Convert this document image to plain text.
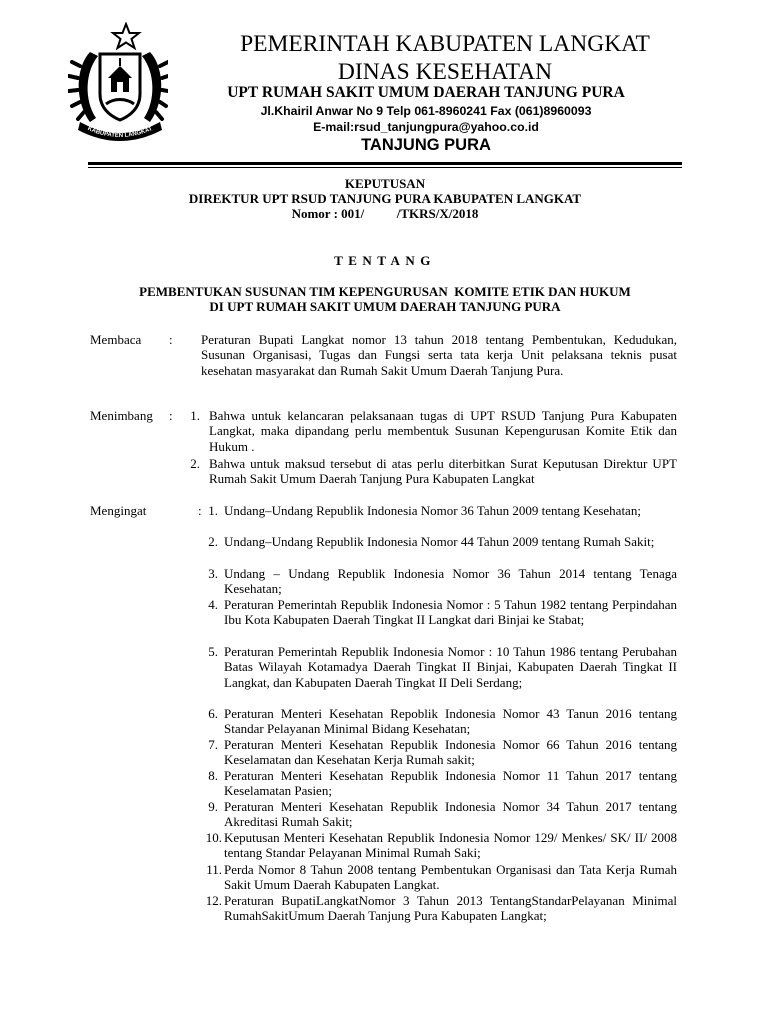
KABUPATEN LANGKAT
PEMERINTAH KABUPATEN LANGKAT
DINAS KESEHATAN
UPT RUMAH SAKIT UMUM DAERAH TANJUNG PURA
Jl.Khairil Anwar No 9 Telp 061-8960241 Fax (061)8960093
E-mail:rsud_tanjungpura@yahoo.co.id
TANJUNG PURA
KEPUTUSAN
DIREKTUR UPT RSUD TANJUNG PURA KABUPATEN LANGKAT
Nomor : 001/          /TKRS/X/2018
TENTANG
PEMBENTUKAN SUSUNAN TIM KEPENGURUSAN  KOMITE ETIK DAN HUKUM
DI UPT RUMAH SAKIT UMUM DAERAH TANJUNG PURA
Membaca : Peraturan Bupati Langkat nomor 13 tahun 2018 tentang Pembentukan, Kedudukan, Susunan Organisasi, Tugas dan Fungsi serta tata kerja Unit pelaksana teknis pusat kesehatan masyarakat dan Rumah Sakit Umum Daerah Tanjung Pura.
Menimbang :	1. Bahwa untuk kelancaran pelaksanaan tugas di UPT RSUD Tanjung Pura Kabupaten Langkat, maka dipandang perlu membentuk Susunan Kepengurusan Komite Etik dan Hukum .
2. Bahwa untuk maksud tersebut di atas perlu diterbitkan Surat Keputusan Direktur UPT Rumah Sakit Umum Daerah Tanjung Pura Kabupaten Langkat
Mengingat	: 1. Undang–Undang Republik Indonesia Nomor 36 Tahun 2009 tentang Kesehatan;
2. Undang–Undang Republik Indonesia Nomor 44 Tahun 2009 tentang Rumah Sakit;
3. Undang – Undang Republik Indonesia Nomor 36 Tahun 2014 tentang Tenaga Kesehatan;
4. Peraturan Pemerintah Republik Indonesia Nomor : 5 Tahun 1982 tentang Perpindahan Ibu Kota Kabupaten Daerah Tingkat II Langkat dari Binjai ke Stabat;
5. Peraturan Pemerintah Republik Indonesia Nomor : 10 Tahun 1986 tentang Perubahan Batas Wilayah Kotamadya Daerah Tingkat II Binjai, Kabupaten Daerah Tingkat II Langkat, dan Kabupaten Daerah Tingkat II Deli Serdang;
6. Peraturan Menteri Kesehatan Repoblik Indonesia Nomor 43 Tanun 2016 tentang Standar Pelayanan Minimal Bidang Kesehatan;
7. Peraturan Menteri Kesehatan Republik Indonesia Nomor 66 Tahun 2016 tentang Keselamatan dan Kesehatan Kerja Rumah sakit;
8. Peraturan Menteri Kesehatan Republik Indonesia Nomor 11 Tahun 2017 tentang Keselamatan Pasien;
9. Peraturan Menteri Kesehatan Republik Indonesia Nomor 34 Tahun 2017 tentang Akreditasi Rumah Sakit;
10. Keputusan Menteri Kesehatan Republik Indonesia Nomor 129/ Menkes/ SK/ II/ 2008 tentang Standar Pelayanan Minimal Rumah Saki;
11. Perda Nomor 8 Tahun 2008 tentang Pembentukan Organisasi dan Tata Kerja Rumah Sakit Umum Daerah Kabupaten Langkat.
12. Peraturan BupatiLangkatNomor 3 Tahun 2013 TentangStandarPelayanan Minimal RumahSakitUmum Daerah Tanjung Pura Kabupaten Langkat;
